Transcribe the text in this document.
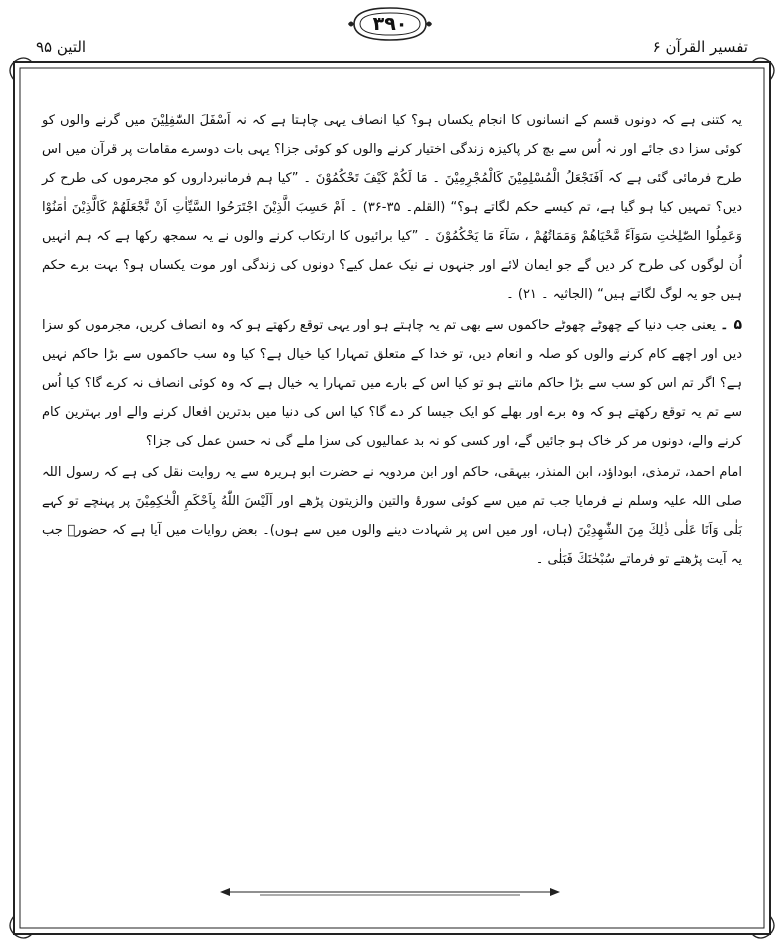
التین ۹۵
۳۹۰
تفسیر القرآن ۶

یہ کتنی ہے کہ دونوں قسم کے انسانوں کا انجام یکساں ہو؟ کیا انصاف یہی چاہتا ہے کہ نہ اَسْفَلَ السّٰفِلِیْنَ میں گرنے والوں کو کوئی سزا دی جائے اور نہ اُس سے بچ کر پاکیزہ زندگی اختیار کرنے والوں کو کوئی جزا؟ یہی بات دوسرے مقامات پر قرآن میں اس طرح فرمائی گئی ہے کہ اَفَنَجْعَلُ الْمُسْلِمِیْنَ کَالْمُجْرِمِیْنَ ۔ مَا لَكُمْ كَیْفَ تَحْكُمُوْنَ ۔ ”کیا ہم فرمانبرداروں کو مجرموں کی طرح کر دیں؟ تمہیں کیا ہو گیا ہے، تم کیسے حکم لگاتے ہو؟“ (القلم۔ ۳۵-۳۶) ۔ اَمْ حَسِبَ الَّذِیْنَ اجْتَرَحُوا السَّیِّاٰتِ اَنْ نَّجْعَلَهُمْ كَالَّذِیْنَ اٰمَنُوْا وَعَمِلُوا الصّٰلِحٰتِ سَوَآءً مَّحْیَاهُمْ وَمَمَاتُهُمْ ، سَآءَ مَا یَحْكُمُوْنَ ۔ ”کیا برائیوں کا ارتکاب کرنے والوں نے یہ سمجھ رکھا ہے کہ ہم انہیں اُن لوگوں کی طرح کر دیں گے جو ایمان لائے اور جنہوں نے نیک عمل کیے؟ دونوں کی زندگی اور موت یکساں ہو؟ بہت برے حکم ہیں جو یہ لوگ لگاتے ہیں“ (الجاثیہ ۔ ۲۱) ۔

۵ ۔ یعنی جب دنیا کے چھوٹے چھوٹے حاکموں سے بھی تم یہ چاہتے ہو اور یہی توقع رکھتے ہو کہ وہ انصاف کریں، مجرموں کو سزا دیں اور اچھے کام کرنے والوں کو صلہ و انعام دیں، تو خدا کے متعلق تمہارا کیا خیال ہے؟ کیا وہ سب حاکموں سے بڑا حاکم نہیں ہے؟ اگر تم اس کو سب سے بڑا حاکم مانتے ہو تو کیا اس کے بارے میں تمہارا یہ خیال ہے کہ وہ کوئی انصاف نہ کرے گا؟ کیا اُس سے تم یہ توقع رکھتے ہو کہ وہ برے اور بھلے کو ایک جیسا کر دے گا؟ کیا اس کی دنیا میں بدترین افعال کرنے والے اور بہترین کام کرنے والے، دونوں مر کر خاک ہو جائیں گے، اور کسی کو نہ بد عمالیوں کی سزا ملے گی نہ حسن عمل کی جزا؟

امام احمد، ترمذی، ابوداؤد، ابن المنذر، بیہقی، حاکم اور ابن مردویہ نے حضرت ابو ہریرہ سے یہ روایت نقل کی ہے کہ رسول اللہ صلی اللہ علیہ وسلم نے فرمایا جب تم میں سے کوئی سورۂ والتین والزیتون پڑھے اور اَلَیْسَ اللّٰهُ بِاَحْكَمِ الْحٰكِمِیْنَ پر پہنچے تو کہے بَلٰی وَاَنَا عَلٰی ذٰلِكَ مِنَ الشّٰهِدِیْنَ (ہاں، اور میں اس پر شہادت دینے والوں میں سے ہوں)۔ بعض روایات میں آیا ہے کہ حضورؐ جب یہ آیت پڑھتے تو فرماتے سُبْحٰنَكَ فَبَلٰی ۔
